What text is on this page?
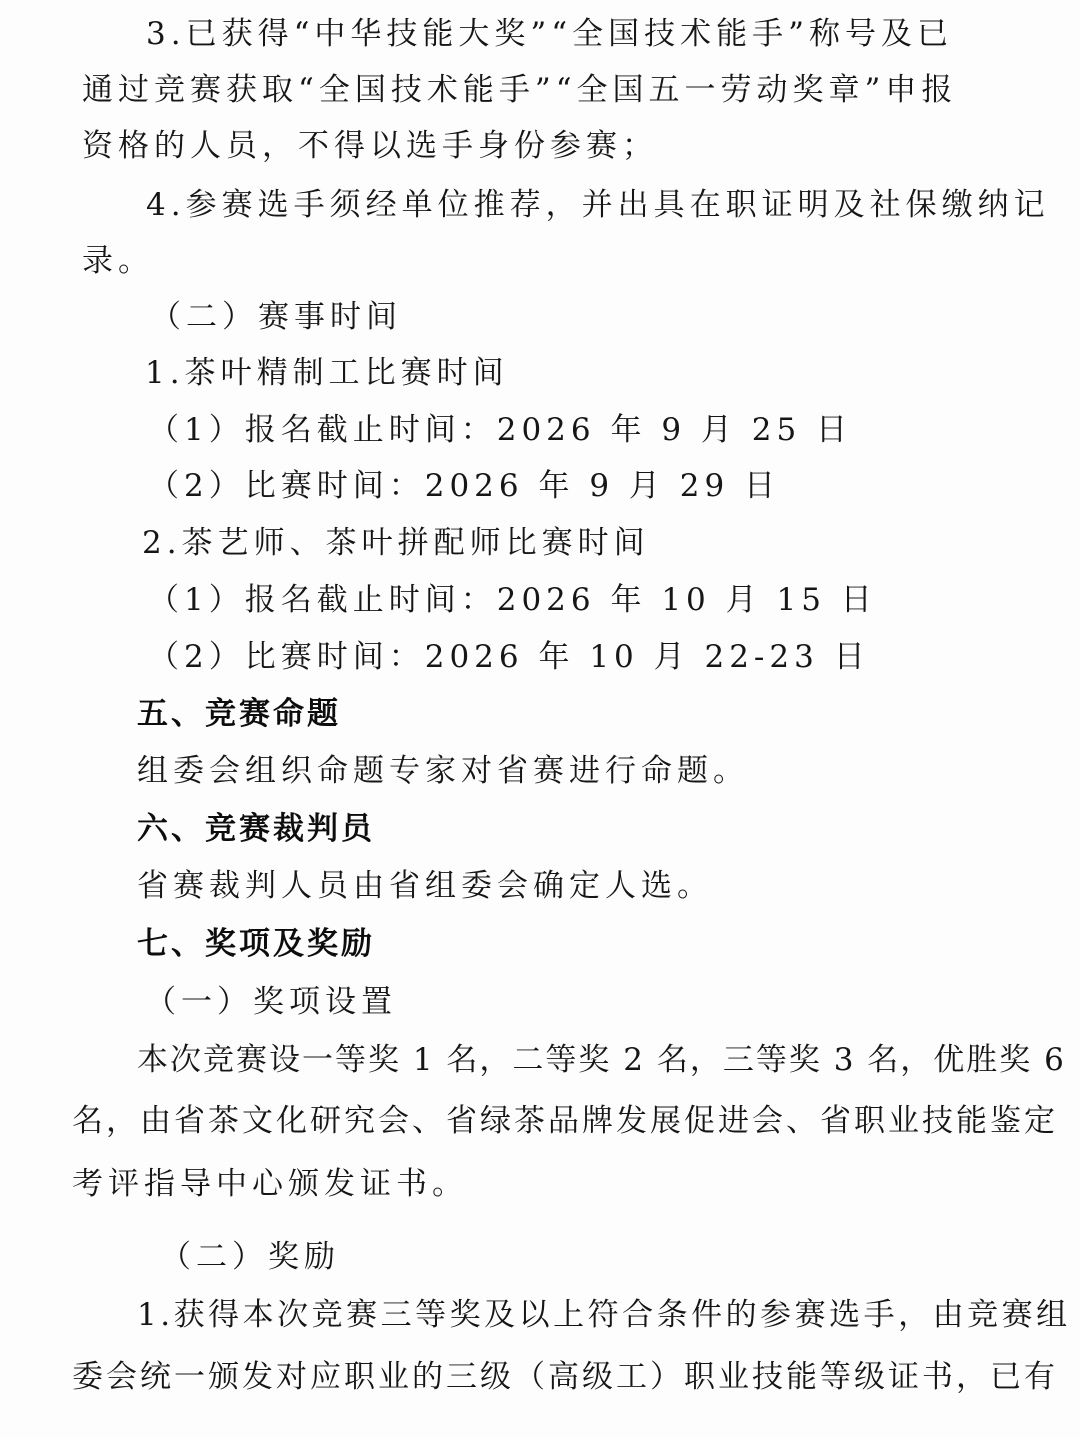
3.已获得“中华技能大奖”“全国技术能手”称号及已
通过竞赛获取“全国技术能手”“全国五一劳动奖章”申报
资格的人员，不得以选手身份参赛；
4.参赛选手须经单位推荐，并出具在职证明及社保缴纳记
录。
（二）赛事时间
1.茶叶精制工比赛时间
（1）报名截止时间：2026 年 9 月 25 日
（2）比赛时间：2026 年 9 月 29 日
2.茶艺师、茶叶拼配师比赛时间
（1）报名截止时间：2026 年 10 月 15 日
（2）比赛时间：2026 年 10 月 22-23 日
五、竞赛命题
组委会组织命题专家对省赛进行命题。
六、竞赛裁判员
省赛裁判人员由省组委会确定人选。
七、奖项及奖励
（一）奖项设置
本次竞赛设一等奖 1 名，二等奖 2 名，三等奖 3 名，优胜奖 6
名，由省茶文化研究会、省绿茶品牌发展促进会、省职业技能鉴定
考评指导中心颁发证书。
（二）奖励
1.获得本次竞赛三等奖及以上符合条件的参赛选手，由竞赛组
委会统一颁发对应职业的三级（高级工）职业技能等级证书，已有
